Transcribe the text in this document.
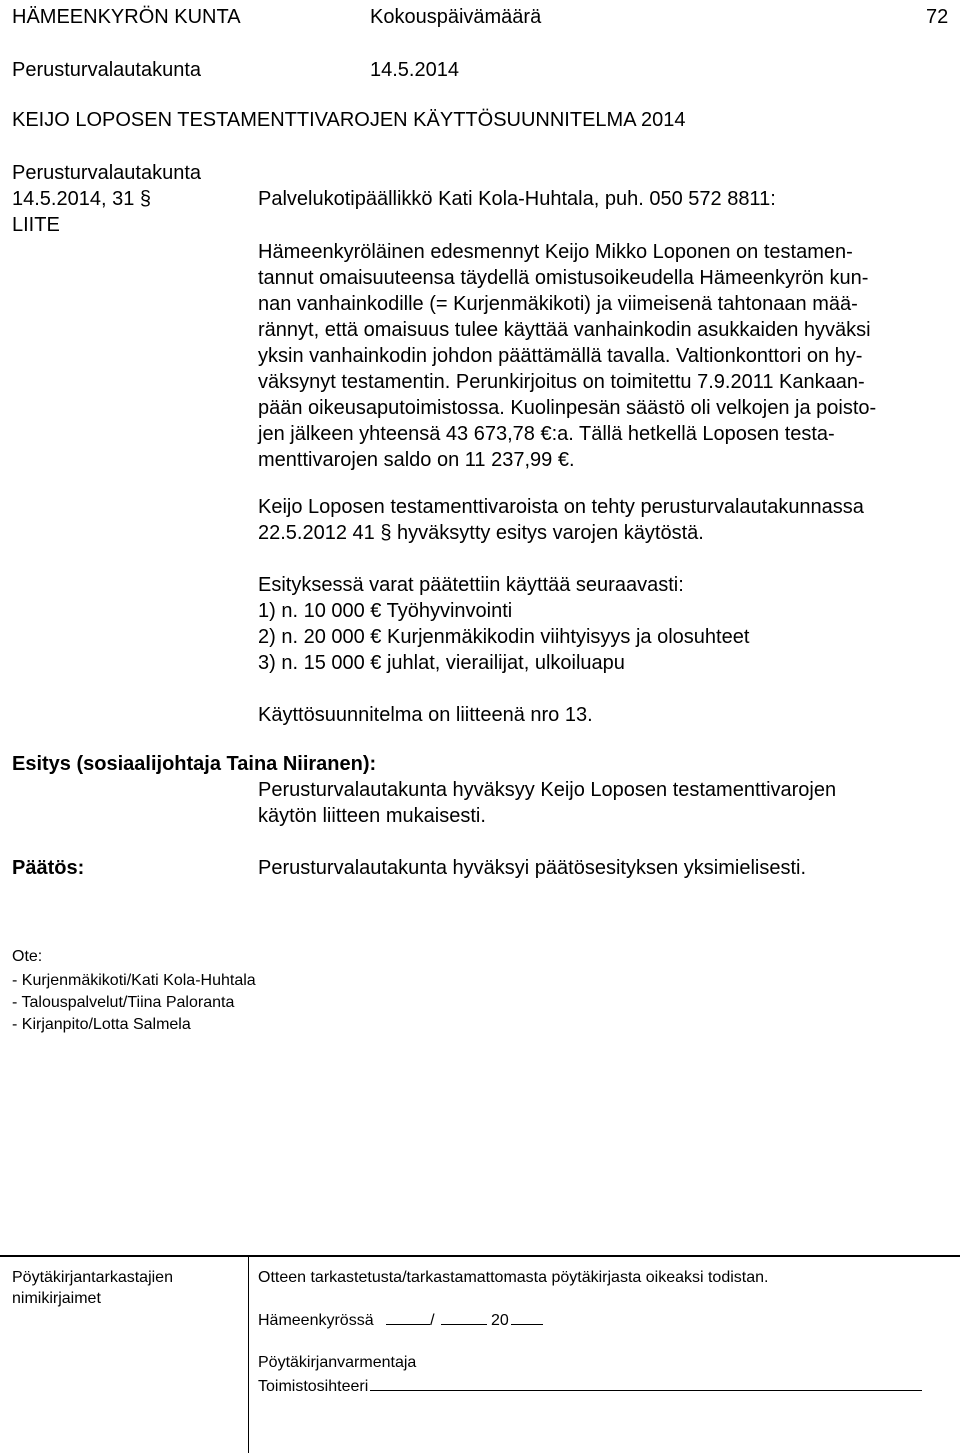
HÄMEENKYRÖN KUNTA	Kokouspäivämäärä	72
Perusturvalautakunta	14.5.2014
KEIJO LOPOSEN TESTAMENTTIVAROJEN KÄYTTÖSUUNNITELMA 2014
Perusturvalautakunta
14.5.2014, 31 §
LIITE
Palvelukotipäällikkö Kati Kola-Huhtala, puh. 050 572 8811:
Hämeenkyröläinen edesmennyt Keijo Mikko Loponen on testamen-
tannut omaisuuteensa täydellä omistusoikeudella Hämeenkyrön kun-
nan vanhainkodille (= Kurjenmäkikoti) ja viimeisenä tahtonaan mää-
rännyt, että omaisuus tulee käyttää vanhainkodin asukkaiden hyväksi
yksin vanhainkodin johdon päättämällä tavalla. Valtionkonttori on hy-
väksynyt testamentin. Perunkirjoitus on toimitettu 7.9.2011 Kankaan-
pään oikeusaputoimistossa. Kuolinpesän säästö oli velkojen ja poisto-
jen jälkeen yhteensä 43 673,78 €:a. Tällä hetkellä Loposen testa-
menttivarojen saldo on 11 237,99 €.
Keijo Loposen testamenttivaroista on tehty perusturvalautakunnassa
22.5.2012 41 § hyväksytty esitys varojen käytöstä.
Esityksessä varat päätettiin käyttää seuraavasti:
1) n. 10 000 € Työhyvinvointi
2) n. 20 000 € Kurjenmäkikodin viihtyisyys ja olosuhteet
3) n. 15 000 € juhlat, vierailijat, ulkoiluapu
Käyttösuunnitelma on liitteenä nro 13.
Esitys (sosiaalijohtaja Taina Niiranen):
Perusturvalautakunta hyväksyy Keijo Loposen testamenttivarojen
käytön liitteen mukaisesti.
Päätös:	Perusturvalautakunta hyväksyi päätösesityksen yksimielisesti.
Ote:
- Kurjenmäkikoti/Kati Kola-Huhtala
- Talouspalvelut/Tiina Paloranta
- Kirjanpito/Lotta Salmela
Pöytäkirjantarkastajien
nimikirjaimet
Otteen tarkastetusta/tarkastamattomasta pöytäkirjasta oikeaksi todistan.
Hämeenkyrössä	/	20
Pöytäkirjanvarmentaja
Toimistosihteeri
